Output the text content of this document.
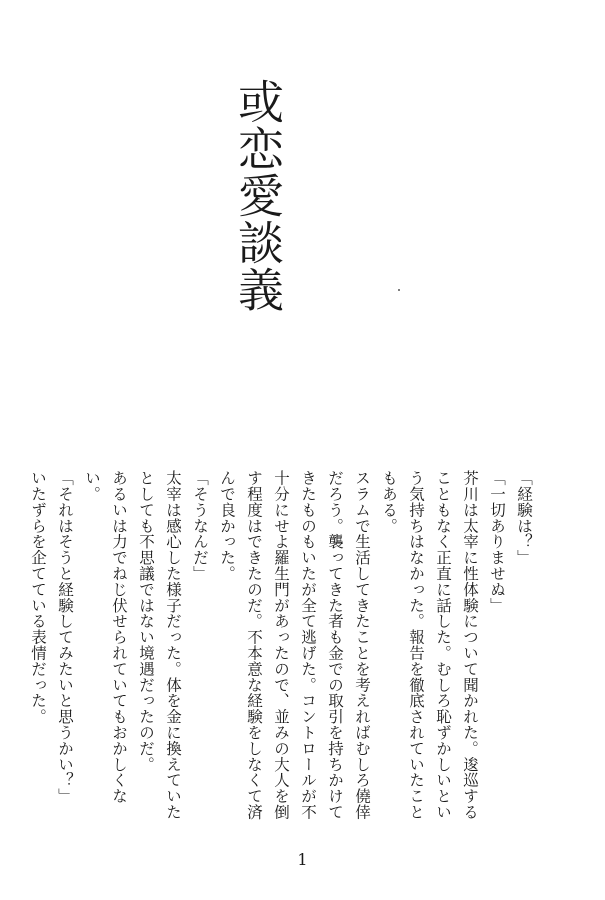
或恋愛談義

「経験は？」

「一切ありませぬ」

芥川は太宰に性体験について聞かれた。逡巡することもなく正直に話した。むしろ恥ずかしいという気持ちはなかった。報告を徹底されていたこともある。

スラムで生活してきたことを考えればむしろ僥倖だろう。襲ってきた者も金での取引を持ちかけてきたものもいたが全て逃げた。コントロールが不十分にせよ羅生門があったので、並みの大人を倒す程度はできたのだ。不本意な経験をしなくて済んで良かった。

「そうなんだ」

太宰は感心した様子だった。体を金に換えていたとしても不思議ではない境遇だったのだ。

あるいは力でねじ伏せられていてもおかしくない。

「それはそうと経験してみたいと思うかい？」

いたずらを企てている表情だった。

1
